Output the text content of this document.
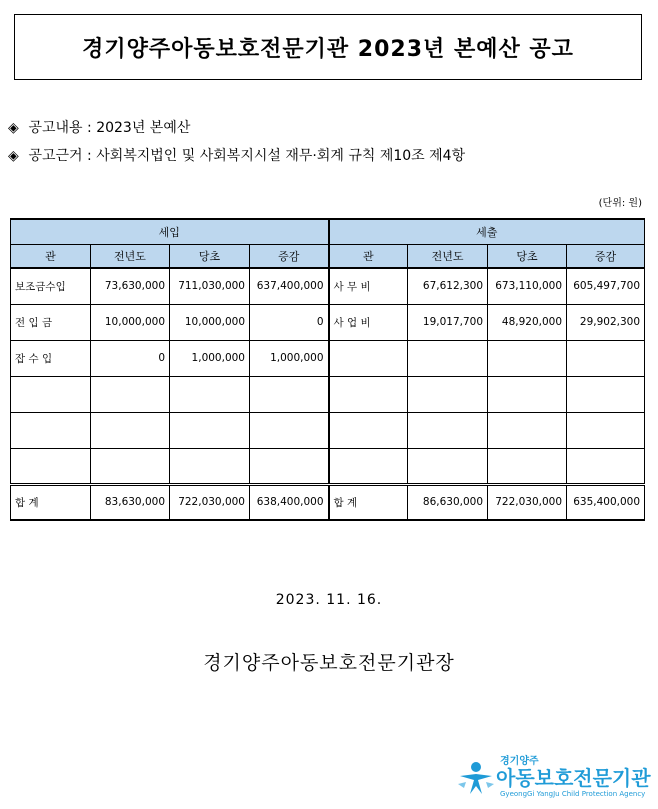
경기양주아동보호전문기관 2023년 본예산 공고
◈ 공고내용 : 2023년 본예산
◈ 공고근거 : 사회복지법인 및 사회복지시설 재무·회계 규칙 제10조 제4항
(단위: 원)
세입				세출			
관	전년도	당초	증감	관	전년도	당초	증감
보조금수입	73,630,000	711,030,000	637,400,000	사 무 비	67,612,300	673,110,000	605,497,700
전 입 금	10,000,000	10,000,000	0	사 업 비	19,017,700	48,920,000	29,902,300
잡 수 입	0	1,000,000	1,000,000				

합 계	83,630,000	722,030,000	638,400,000	합 계	86,630,000	722,030,000	635,400,000
2023. 11. 16.
경기양주아동보호전문기관장
경기양주
아동보호전문기관
GyeongGi YangJu Child Protection Agency
